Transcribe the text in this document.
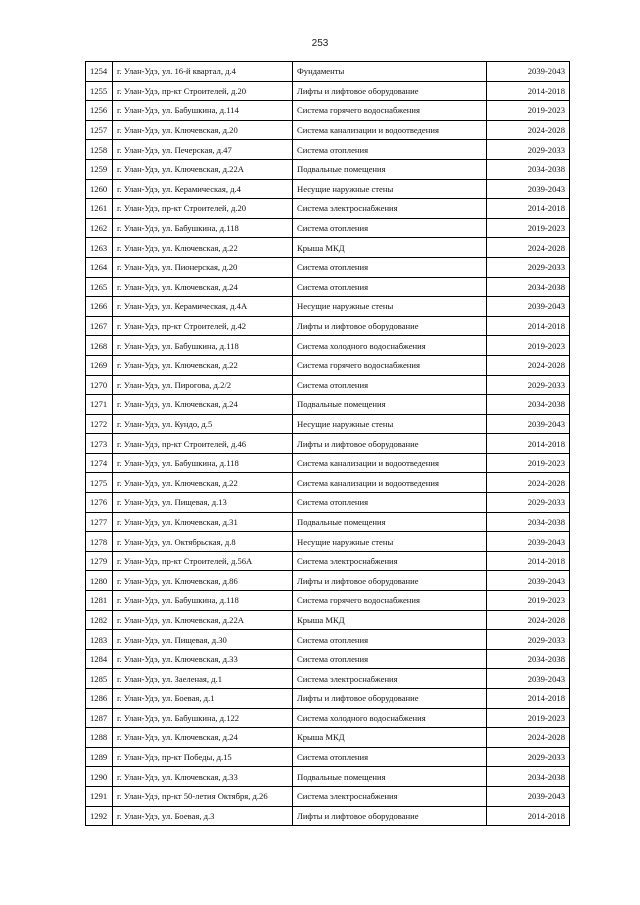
253
1254	г. Улан-Удэ, ул. 16-й квартал, д.4	Фундаменты	2039-2043
1255	г. Улан-Удэ, пр-кт Строителей, д.20	Лифты и лифтовое оборудование	2014-2018
1256	г. Улан-Удэ, ул. Бабушкина, д.114	Система горячего водоснабжения	2019-2023
1257	г. Улан-Удэ, ул. Ключевская, д.20	Система канализации и водоотведения	2024-2028
1258	г. Улан-Удэ, ул. Печерская, д.47	Система отопления	2029-2033
1259	г. Улан-Удэ, ул. Ключевская, д.22А	Подвальные помещения	2034-2038
1260	г. Улан-Удэ, ул. Керамическая, д.4	Несущие наружные стены	2039-2043
1261	г. Улан-Удэ, пр-кт Строителей, д.20	Система электроснабжения	2014-2018
1262	г. Улан-Удэ, ул. Бабушкина, д.118	Система отопления	2019-2023
1263	г. Улан-Удэ, ул. Ключевская, д.22	Крыша МКД	2024-2028
1264	г. Улан-Удэ, ул. Пионерская, д.20	Система отопления	2029-2033
1265	г. Улан-Удэ, ул. Ключевская, д.24	Система отопления	2034-2038
1266	г. Улан-Удэ, ул. Керамическая, д.4А	Несущие наружные стены	2039-2043
1267	г. Улан-Удэ, пр-кт Строителей, д.42	Лифты и лифтовое оборудование	2014-2018
1268	г. Улан-Удэ, ул. Бабушкина, д.118	Система холодного водоснабжения	2019-2023
1269	г. Улан-Удэ, ул. Ключевская, д.22	Система горячего водоснабжения	2024-2028
1270	г. Улан-Удэ, ул. Пирогова, д.2/2	Система отопления	2029-2033
1271	г. Улан-Удэ, ул. Ключевская, д.24	Подвальные помещения	2034-2038
1272	г. Улан-Удэ, ул. Кундо, д.5	Несущие наружные стены	2039-2043
1273	г. Улан-Удэ, пр-кт Строителей, д.46	Лифты и лифтовое оборудование	2014-2018
1274	г. Улан-Удэ, ул. Бабушкина, д.118	Система канализации и водоотведения	2019-2023
1275	г. Улан-Удэ, ул. Ключевская, д.22	Система канализации и водоотведения	2024-2028
1276	г. Улан-Удэ, ул. Пищевая, д.13	Система отопления	2029-2033
1277	г. Улан-Удэ, ул. Ключевская, д.31	Подвальные помещения	2034-2038
1278	г. Улан-Удэ, ул. Октябрьская, д.8	Несущие наружные стены	2039-2043
1279	г. Улан-Удэ, пр-кт Строителей, д.56А	Система электроснабжения	2014-2018
1280	г. Улан-Удэ, ул. Ключевская, д.86	Лифты и лифтовое оборудование	2039-2043
1281	г. Улан-Удэ, ул. Бабушкина, д.118	Система горячего водоснабжения	2019-2023
1282	г. Улан-Удэ, ул. Ключевская, д.22А	Крыша МКД	2024-2028
1283	г. Улан-Удэ, ул. Пищевая, д.30	Система отопления	2029-2033
1284	г. Улан-Удэ, ул. Ключевская, д.33	Система отопления	2034-2038
1285	г. Улан-Удэ, ул. Заеленая, д.1	Система электроснабжения	2039-2043
1286	г. Улан-Удэ, ул. Боевая, д.1	Лифты и лифтовое оборудование	2014-2018
1287	г. Улан-Удэ, ул. Бабушкина, д.122	Система холодного водоснабжения	2019-2023
1288	г. Улан-Удэ, ул. Ключевская, д.24	Крыша МКД	2024-2028
1289	г. Улан-Удэ, пр-кт Победы, д.15	Система отопления	2029-2033
1290	г. Улан-Удэ, ул. Ключевская, д.33	Подвальные помещения	2034-2038
1291	г. Улан-Удэ, пр-кт 50-летия Октября, д.26	Система электроснабжения	2039-2043
1292	г. Улан-Удэ, ул. Боевая, д.3	Лифты и лифтовое оборудование	2014-2018
